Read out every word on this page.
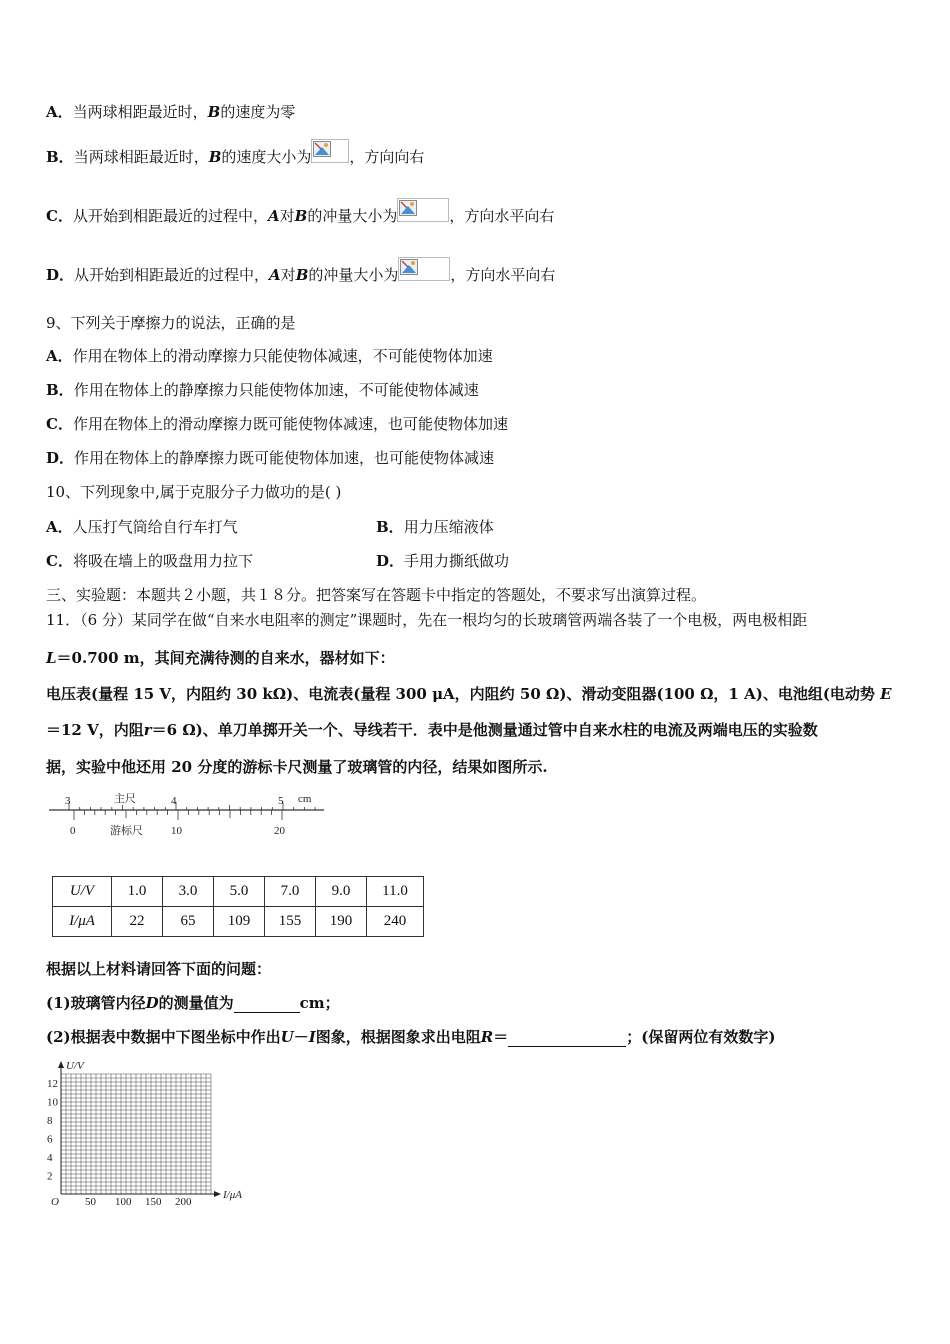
A．当两球相距最近时，B的速度为零
B．当两球相距最近时，B的速度大小为	，方向向右
C．从开始到相距最近的过程中，A对B的冲量大小为	，方向水平向右
D．从开始到相距最近的过程中，A对B的冲量大小为	，方向水平向右
9、下列关于摩擦力的说法，正确的是
A．作用在物体上的滑动摩擦力只能使物体减速，不可能使物体加速
B．作用在物体上的静摩擦力只能使物体加速，不可能使物体减速
C．作用在物体上的滑动摩擦力既可能使物体减速，也可能使物体加速
D．作用在物体上的静摩擦力既可能使物体加速，也可能使物体减速
10、下列现象中,属于克服分子力做功的是( )
A．人压打气筒给自行车打气	B．用力压缩液体
C．将吸在墙上的吸盘用力拉下	D．手用力撕纸做功
三、实验题：本题共２小题，共１８分。把答案写在答题卡中指定的答题处，不要求写出演算过程。
11．（6 分）某同学在做“自来水电阻率的测定”课题时，先在一根均匀的长玻璃管两端各装了一个电极，两电极相距
L＝0.700 m，其间充满待测的自来水，器材如下：
电压表(量程 15 V，内阻约 30 kΩ)、电流表(量程 300 μA，内阻约 50 Ω)、滑动变阻器(100 Ω，1 A)、电池组(电动势 E
＝12 V，内阻r＝6 Ω)、单刀单掷开关一个、导线若干．表中是他测量通过管中自来水柱的电流及两端电压的实验数
据，实验中他还用 20 分度的游标卡尺测量了玻璃管的内径，结果如图所示.
3	主尺	4	5 cm
0	游标尺	10	20
U/V	1.0	3.0	5.0	7.0	9.0	11.0
I/μA	22	65	109	155	190	240
根据以上材料请回答下面的问题：
(1)玻璃管内径D的测量值为	cm；
(2)根据表中数据中下图坐标中作出U－I图象，根据图象求出电阻R＝	；(保留两位有效数字)
U/V
I/μA
O
2
4
6
8
10
12
50 100 150 200
